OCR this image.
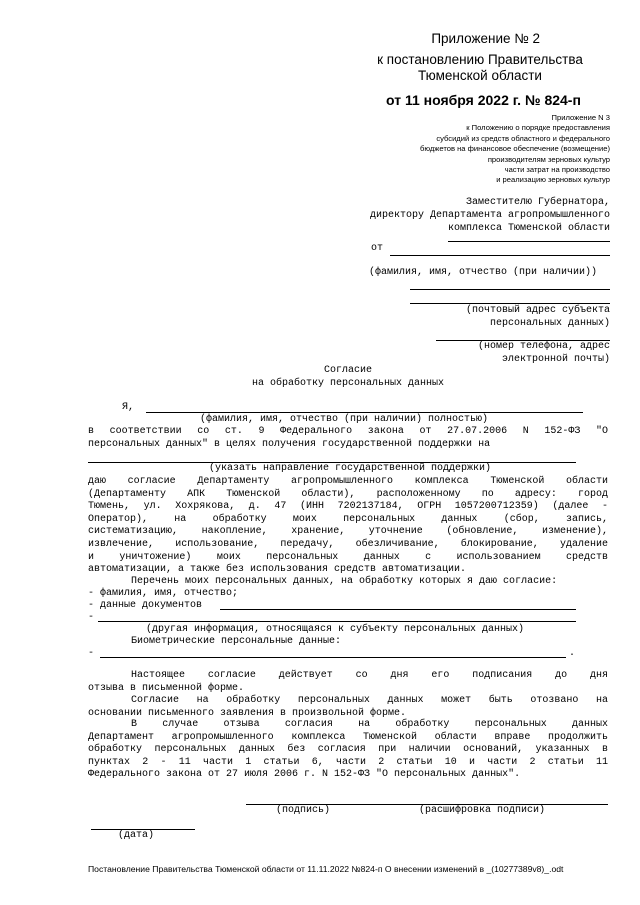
Приложение № 2
к постановлению Правительства
Тюменской области
от 11 ноября 2022 г. № 824-п
Приложение N 3
к Положению о порядке предоставления
субсидий из средств областного и федерального
бюджетов на финансовое обеспечение (возмещение)
производителям зерновых культур
части затрат на производство
и реализацию зерновых культур
Заместителю Губернатора,
директору Департамента агропромышленного
комплекса Тюменской области
от
(фамилия, имя, отчество (при наличии))
(почтовый адрес субъекта
персональных данных)
(номер телефона, адрес
электронной почты)
Согласие
на обработку персональных данных
Я,
(фамилия, имя, отчество (при наличии) полностью)
в соответствии со ст. 9 Федерального закона от 27.07.2006 N 152-ФЗ "О
персональных данных" в целях получения государственной поддержки на
(указать направление государственной поддержки)
даю согласие Департаменту агропромышленного комплекса Тюменской области
(Департаменту АПК Тюменской области), расположенному по адресу: город
Тюмень, ул. Хохрякова, д. 47 (ИНН 7202137184, ОГРН 1057200712359) (далее -
Оператор), на обработку моих персональных данных (сбор, запись,
систематизацию, накопление, хранение, уточнение (обновление, изменение),
извлечение, использование, передачу, обезличивание, блокирование, удаление
и уничтожение) моих персональных данных с использованием средств
автоматизации, а также без использования средств автоматизации.
Перечень моих персональных данных, на обработку которых я даю согласие:
- фамилия, имя, отчество;
- данные документов
-
(другая информация, относящаяся к субъекту персональных данных)
Биометрические персональные данные:
-	.
Настоящее согласие действует со дня его подписания до дня
отзыва в письменной форме.
Согласие на обработку персональных данных может быть отозвано на
основании письменного заявления в произвольной форме.
В случае отзыва согласия на обработку персональных данных
Департамент агропромышленного комплекса Тюменской области вправе продолжить
обработку персональных данных без согласия при наличии оснований, указанных в
пунктах 2 - 11 части 1 статьи 6, части 2 статьи 10 и части 2 статьи 11
Федерального закона от 27 июля 2006 г. N 152-ФЗ "О персональных данных".
(подпись)	(расшифровка подписи)
(дата)
Постановление Правительства Тюменской области от 11.11.2022 №824-п О внесении изменений в _(10277389v8)_.odt
